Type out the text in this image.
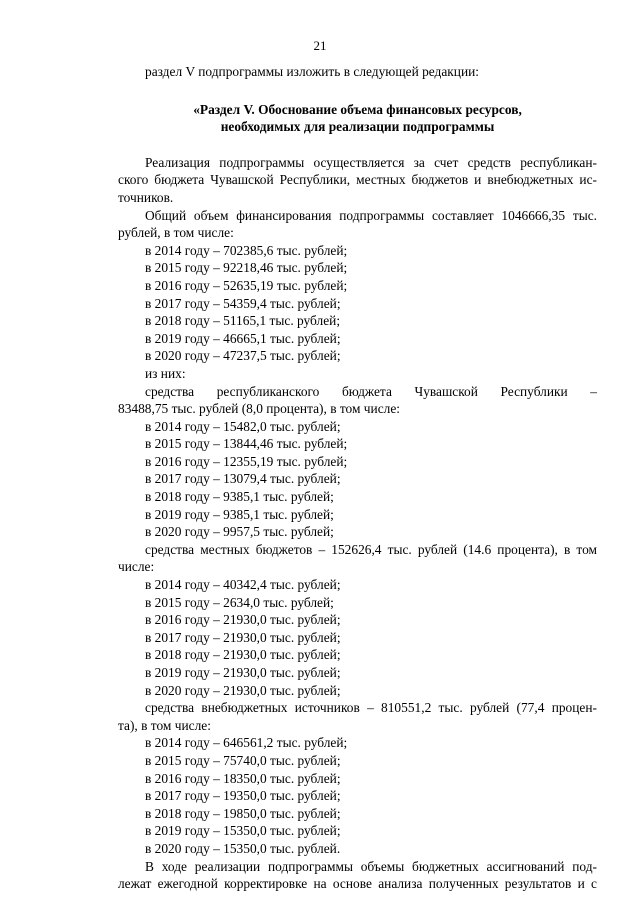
21

раздел V подпрограммы изложить в следующей редакции:

«Раздел V. Обоснование объема финансовых ресурсов,
необходимых для реализации подпрограммы
Реализация подпрограммы осуществляется за счет средств республикан-
ского бюджета Чувашской Республики, местных бюджетов и внебюджетных ис-
точников.
Общий объем финансирования подпрограммы составляет 1046666,35 тыс.
рублей, в том числе:

в 2014 году – 702385,6 тыс. рублей;

в 2015 году – 92218,46 тыс. рублей;

в 2016 году – 52635,19 тыс. рублей;

в 2017 году – 54359,4 тыс. рублей;

в 2018 году – 51165,1 тыс. рублей;

в 2019 году – 46665,1 тыс. рублей;

в 2020 году – 47237,5 тыс. рублей;

из них:

средства республиканского бюджета Чувашской Республики –
83488,75 тыс. рублей (8,0 процента), в том числе:

в 2014 году – 15482,0 тыс. рублей;

в 2015 году – 13844,46 тыс. рублей;

в 2016 году – 12355,19 тыс. рублей;

в 2017 году – 13079,4 тыс. рублей;

в 2018 году – 9385,1 тыс. рублей;

в 2019 году – 9385,1 тыс. рублей;

в 2020 году – 9957,5 тыс. рублей;

средства местных бюджетов – 152626,4 тыс. рублей (14.6 процента), в том
числе:

в 2014 году – 40342,4 тыс. рублей;

в 2015 году – 2634,0 тыс. рублей;

в 2016 году – 21930,0 тыс. рублей;

в 2017 году – 21930,0 тыс. рублей;

в 2018 году – 21930,0 тыс. рублей;

в 2019 году – 21930,0 тыс. рублей;

в 2020 году – 21930,0 тыс. рублей;

средства внебюджетных источников – 810551,2 тыс. рублей (77,4 процен-
та), в том числе:

в 2014 году – 646561,2 тыс. рублей;

в 2015 году – 75740,0 тыс. рублей;

в 2016 году – 18350,0 тыс. рублей;

в 2017 году – 19350,0 тыс. рублей;

в 2018 году – 19850,0 тыс. рублей;

в 2019 году – 15350,0 тыс. рублей;

в 2020 году – 15350,0 тыс. рублей.

В ходе реализации подпрограммы объемы бюджетных ассигнований под-
лежат ежегодной корректировке на основе анализа полученных результатов и с
